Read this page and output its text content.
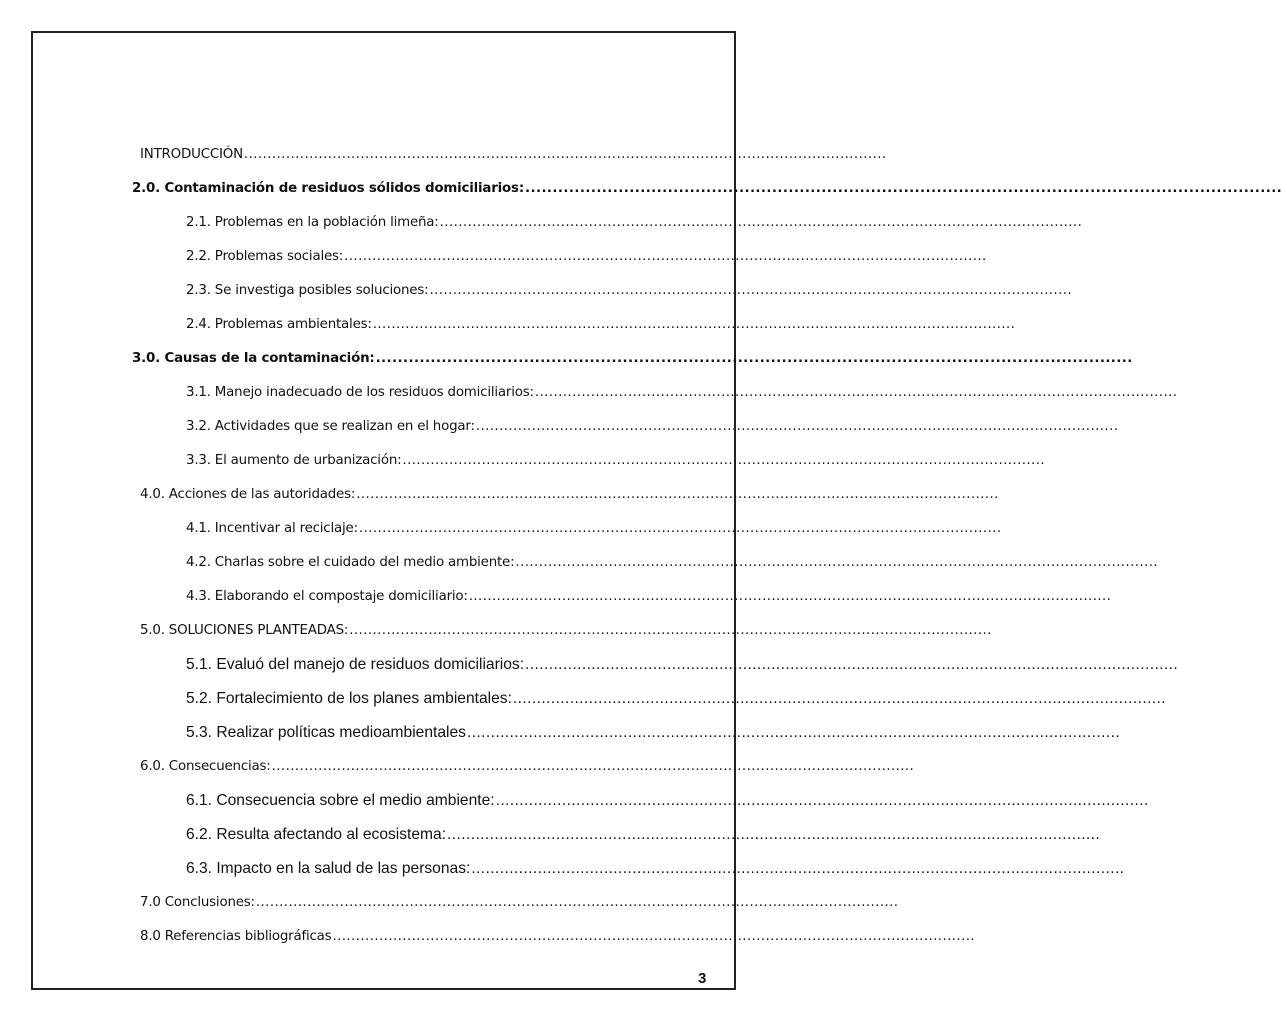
INTRODUCCIÓN ..........................................................................................................................................
2.0. Contaminación de residuos sólidos domiciliarios: ..........................................................................................................................................
2.1. Problemas en la población limeña: ..........................................................................................................................................
2.2. Problemas sociales: ..........................................................................................................................................
2.3. Se investiga posibles soluciones: ..........................................................................................................................................
2.4. Problemas ambientales: ..........................................................................................................................................
3.0. Causas de la contaminación: ..........................................................................................................................................
3.1. Manejo inadecuado de los residuos domiciliarios: ..........................................................................................................................................
3.2. Actividades que se realizan en el hogar: ..........................................................................................................................................
3.3. El aumento de urbanización: ..........................................................................................................................................
4.0. Acciones de las autoridades: ..........................................................................................................................................
4.1. Incentivar al reciclaje: ..........................................................................................................................................
4.2. Charlas sobre el cuidado del medio ambiente: ..........................................................................................................................................
4.3. Elaborando el compostaje domiciliario: ..........................................................................................................................................
5.0. SOLUCIONES PLANTEADAS: ..........................................................................................................................................
5.1. Evaluó del manejo de residuos domiciliarios: ..........................................................................................................................................
5.2. Fortalecimiento de los planes ambientales: ..........................................................................................................................................
5.3. Realizar políticas medioambientales ..........................................................................................................................................
6.0. Consecuencias: ..........................................................................................................................................
6.1. Consecuencia sobre el medio ambiente: ..........................................................................................................................................
6.2. Resulta afectando al ecosistema: ..........................................................................................................................................
6.3. Impacto en la salud de las personas: ..........................................................................................................................................
7.0 Conclusiones: ..........................................................................................................................................
8.0 Referencias bibliográficas ..........................................................................................................................................
3
